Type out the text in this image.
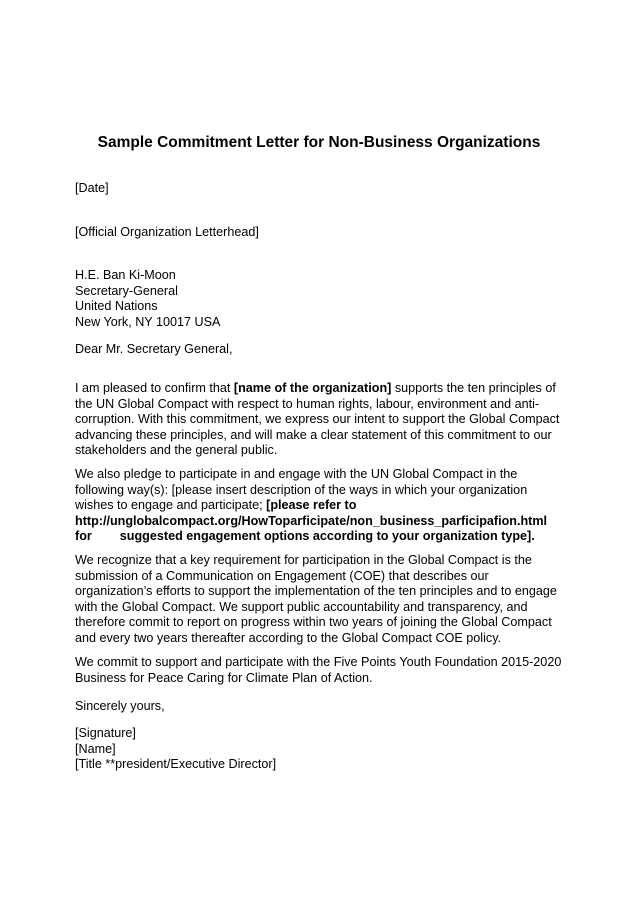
Sample Commitment Letter for Non-Business Organizations
[Date]
[Official Organization Letterhead]
H.E. Ban Ki-Moon
Secretary-General
United Nations
New York, NY 10017 USA
Dear Mr. Secretary General,
I am pleased to confirm that [name of the organization] supports the ten principles of
the UN Global Compact with respect to human rights, labour, environment and anti-
corruption. With this commitment, we express our intent to support the Global Compact
advancing these principles, and will make a clear statement of this commitment to our
stakeholders and the general public.
We also pledge to participate in and engage with the UN Global Compact in the
following way(s): [please insert description of the ways in which your organization
wishes to engage and participate; [please refer to
http://unglobalcompact.org/HowToparficipate/non_business_parficipafion.html
for suggested engagement options according to your organization type].
We recognize that a key requirement for participation in the Global Compact is the
submission of a Communication on Engagement (COE) that describes our
organization’s efforts to support the implementation of the ten principles and to engage
with the Global Compact. We support public accountability and transparency, and
therefore commit to report on progress within two years of joining the Global Compact
and every two years thereafter according to the Global Compact COE policy.
We commit to support and participate with the Five Points Youth Foundation 2015-2020
Business for Peace Caring for Climate Plan of Action.
Sincerely yours,
[Signature]
[Name]
[Title **president/Executive Director]
